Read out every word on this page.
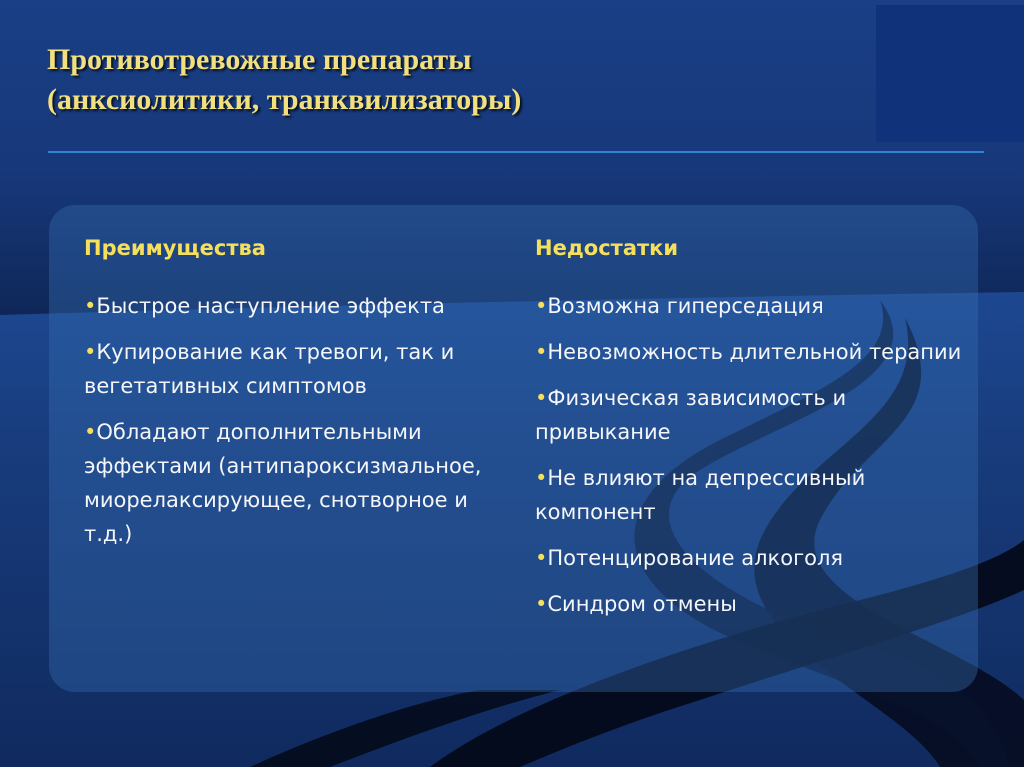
Противотревожные препараты
(анксиолитики, транквилизаторы)
Преимущества
•Быстрое наступление эффекта
•Купирование как тревоги, так и вегетативных симптомов
•Обладают дополнительными эффектами (антипароксизмальное, миорелаксирующее, снотворное и т.д.)
Недостатки
•Возможна гиперседация
•Невозможность длительной терапии
•Физическая зависимость и привыкание
•Не влияют на депрессивный компонент
•Потенцирование алкоголя
•Синдром отмены
